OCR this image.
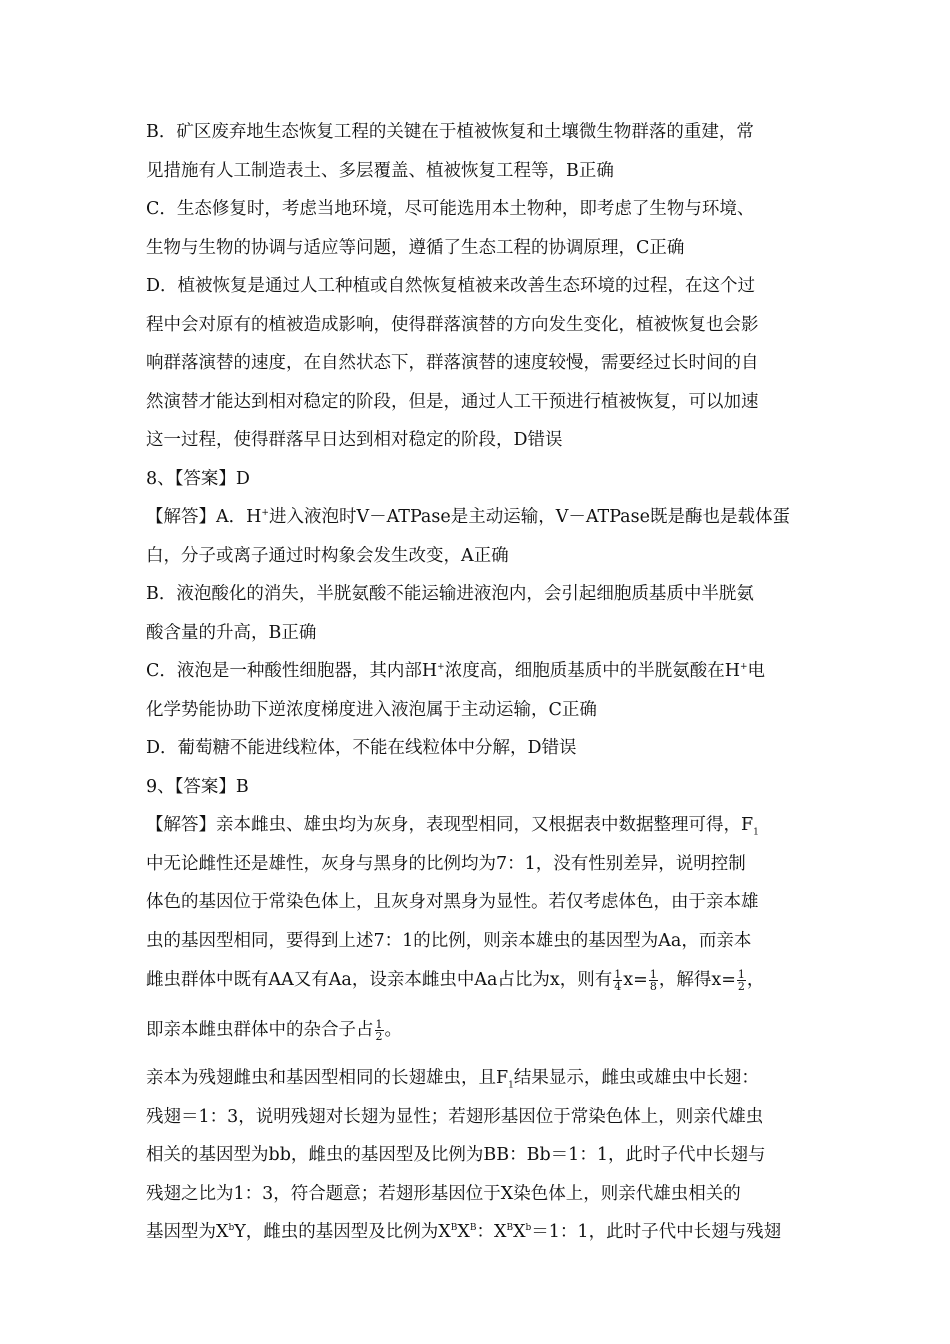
B．矿区废弃地生态恢复工程的关键在于植被恢复和土壤微生物群落的重建，常
见措施有人工制造表土、多层覆盖、植被恢复工程等，B正确
C．生态修复时，考虑当地环境，尽可能选用本土物种，即考虑了生物与环境、
生物与生物的协调与适应等问题，遵循了生态工程的协调原理，C正确
D．植被恢复是通过人工种植或自然恢复植被来改善生态环境的过程，在这个过
程中会对原有的植被造成影响，使得群落演替的方向发生变化，植被恢复也会影
响群落演替的速度，在自然状态下，群落演替的速度较慢，需要经过长时间的自
然演替才能达到相对稳定的阶段，但是，通过人工干预进行植被恢复，可以加速
这一过程，使得群落早日达到相对稳定的阶段，D错误
8、【答案】D
【解答】A．H+进入液泡时V－ATPase是主动运输，V－ATPase既是酶也是载体蛋
白，分子或离子通过时构象会发生改变，A正确
B．液泡酸化的消失，半胱氨酸不能运输进液泡内，会引起细胞质基质中半胱氨
酸含量的升高，B正确
C．液泡是一种酸性细胞器，其内部H+浓度高，细胞质基质中的半胱氨酸在H+电
化学势能协助下逆浓度梯度进入液泡属于主动运输，C正确
D．葡萄糖不能进线粒体，不能在线粒体中分解，D错误
9、【答案】B
【解答】亲本雌虫、雄虫均为灰身，表现型相同，又根据表中数据整理可得，$F_1$
中无论雌性还是雄性，灰身与黑身的比例均为7：1，没有性别差异，说明控制
体色的基因位于常染色体上，且灰身对黑身为显性。若仅考虑体色，由于亲本雄
虫的基因型相同，要得到上述7：1的比例，则亲本雄虫的基因型为Aa，而亲本
雌虫群体中既有AA又有Aa，设亲本雌虫中Aa占比为x，则有 $\frac{1}{4} x= \frac{1}{8}$ ，解得$x= \frac{1}{2}$ ，
即亲本雌虫群体中的杂合子占 $\frac{1}{2}$ 。
亲本为残翅雌虫和基因型相同的长翅雄虫，且$F_1$结果显示，雌虫或雄虫中长翅：
残翅＝1：3，说明残翅对长翅为显性；若翅形基因位于常染色体上，则亲代雄虫
相关的基因型为bb，雌虫的基因型及比例为BB：Bb＝1：1，此时子代中长翅与
残翅之比为1：3，符合题意；若翅形基因位于X染色体上，则亲代雄虫相关的
基因型为$X^bY$，雌虫的基因型及比例为$X^BX^B$：$X^BX^b=1$：1，此时子代中长翅与残翅
